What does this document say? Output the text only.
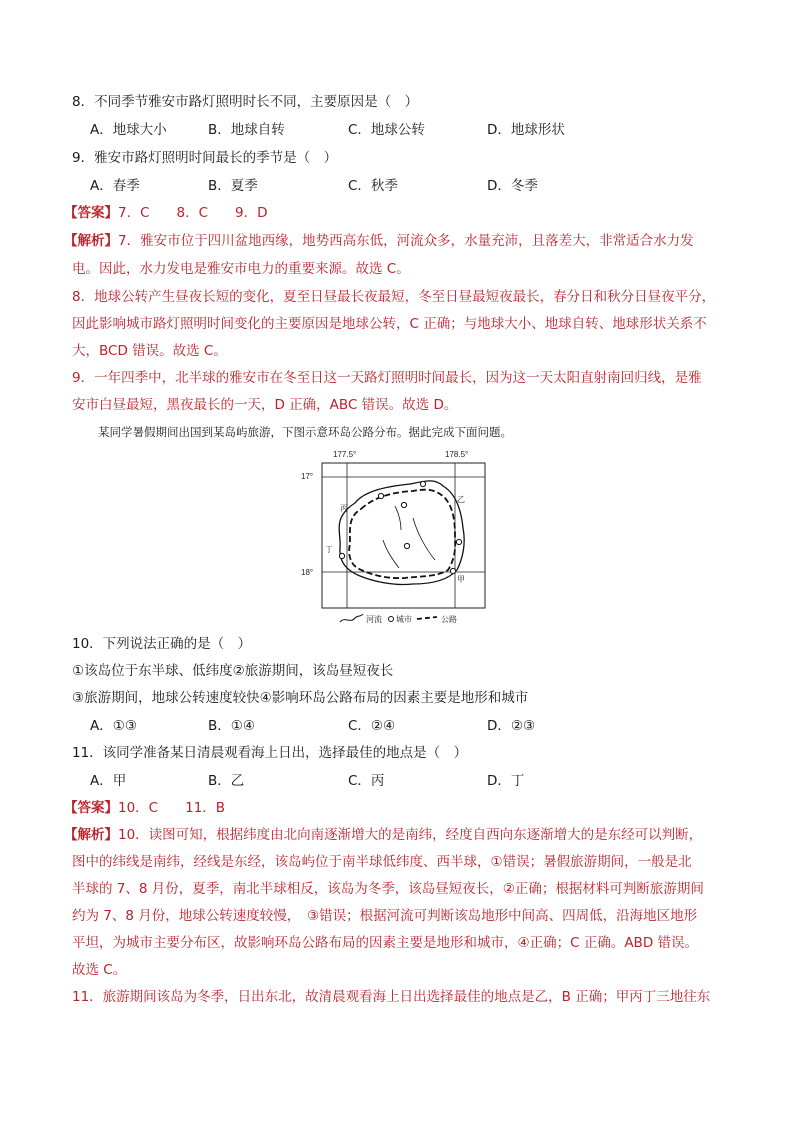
8．不同季节雅安市路灯照明时长不同，主要原因是（　）
A．地球大小	B．地球自转	C．地球公转	D．地球形状
9．雅安市路灯照明时间最长的季节是（　）
A．春季	B．夏季	C．秋季	D．冬季
【答案】7．C　　8．C　　9．D
【解析】7．雅安市位于四川盆地西缘，地势西高东低，河流众多，水量充沛，且落差大，非常适合水力发
电。因此，水力发电是雅安市电力的重要来源。故选 C。
8．地球公转产生昼夜长短的变化，夏至日昼最长夜最短，冬至日昼最短夜最长，春分日和秋分日昼夜平分，
因此影响城市路灯照明时间变化的主要原因是地球公转，C 正确；与地球大小、地球自转、地球形状关系不
大，BCD 错误。故选 C。
9．一年四季中，北半球的雅安市在冬至日这一天路灯照明时间最长，因为这一天太阳直射南回归线，是雅
安市白昼最短，黑夜最长的一天，D 正确，ABC 错误。故选 D。
某同学暑假期间出国到某岛屿旅游，下图示意环岛公路分布。据此完成下面问题。
177.5°	178.5°
17°
18°
丙
乙
丁
甲
河流 城市	公路
10．下列说法正确的是（　）
①该岛位于东半球、低纬度②旅游期间，该岛昼短夜长
③旅游期间，地球公转速度较快④影响环岛公路布局的因素主要是地形和城市
A．①③	B．①④	C．②④	D．②③
11．该同学准备某日清晨观看海上日出，选择最佳的地点是（　）
A．甲	B．乙	C．丙	D．丁
【答案】10．C　　11．B
【解析】10．读图可知，根据纬度由北向南逐渐增大的是南纬，经度自西向东逐渐增大的是东经可以判断，
图中的纬线是南纬，经线是东经，该岛屿位于南半球低纬度、西半球，①错误；暑假旅游期间，一般是北
半球的 7、8 月份，夏季，南北半球相反，该岛为冬季，该岛昼短夜长，②正确；根据材料可判断旅游期间
约为 7、8 月份，地球公转速度较慢，　③错误；根据河流可判断该岛地形中间高、四周低，沿海地区地形
平坦，为城市主要分布区，故影响环岛公路布局的因素主要是地形和城市，④正确；C 正确。ABD 错误。
故选 C。
11．旅游期间该岛为冬季，日出东北，故清晨观看海上日出选择最佳的地点是乙，B 正确；甲丙丁三地往东
